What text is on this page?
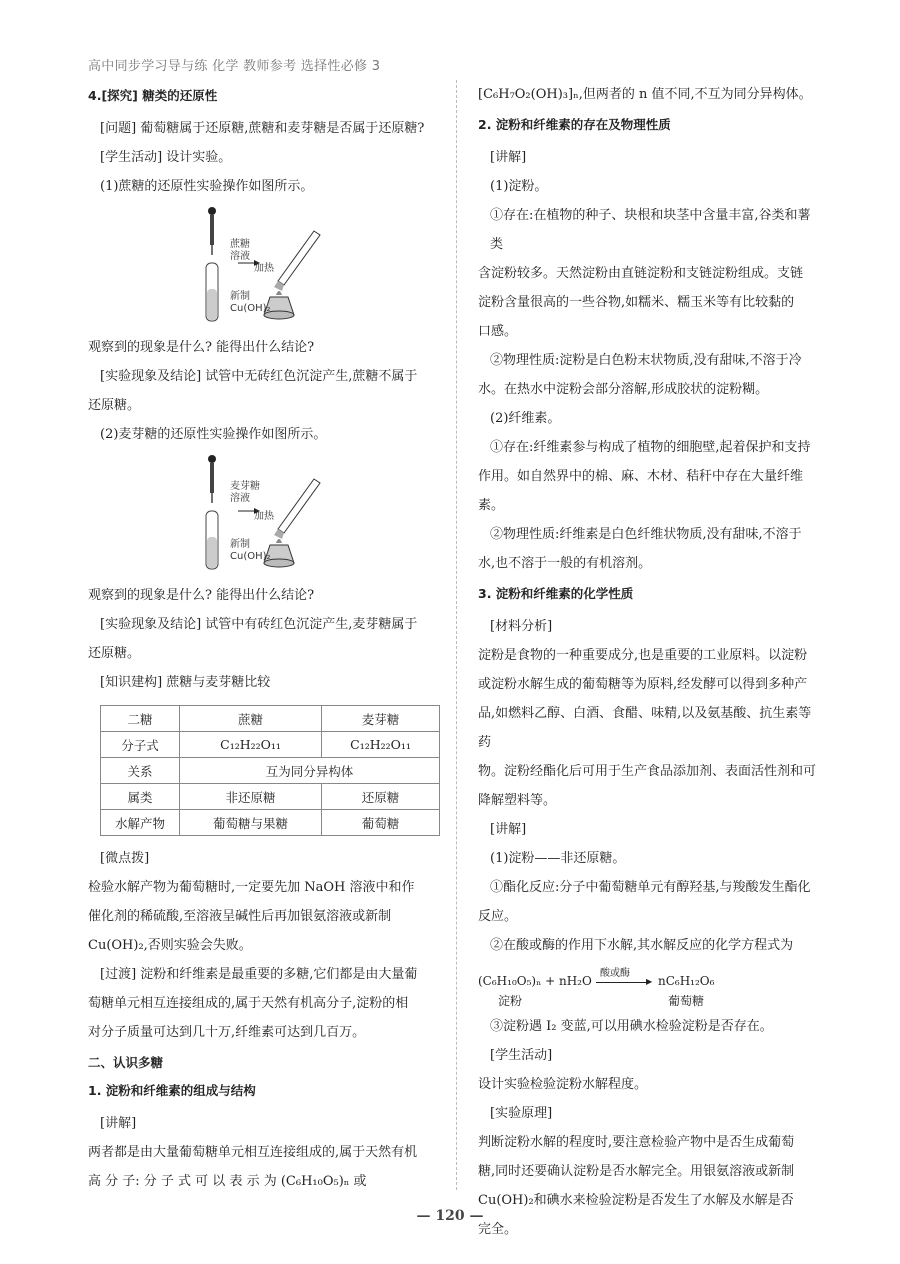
高中同步学习导与练 化学 教师参考 选择性必修 3
4.[探究] 糖类的还原性

[问题] 葡萄糖属于还原糖,蔗糖和麦芽糖是否属于还原糖?

[学生活动] 设计实验。

(1)蔗糖的还原性实验操作如图所示。

蔗糖
溶液
加热
新制
Cu(OH)₂

观察到的现象是什么? 能得出什么结论?

[实验现象及结论] 试管中无砖红色沉淀产生,蔗糖不属于

还原糖。

(2)麦芽糖的还原性实验操作如图所示。

麦芽糖
溶液
加热
新制
Cu(OH)₂

观察到的现象是什么? 能得出什么结论?

[实验现象及结论] 试管中有砖红色沉淀产生,麦芽糖属于

还原糖。

[知识建构] 蔗糖与麦芽糖比较

二糖	蔗糖	麦芽糖
分子式	C₁₂H₂₂O₁₁	C₁₂H₂₂O₁₁
关系	互为同分异构体	
属类	非还原糖	还原糖
水解产物	葡萄糖与果糖	葡萄糖

[微点拨]

检验水解产物为葡萄糖时,一定要先加 NaOH 溶液中和作

催化剂的稀硫酸,至溶液呈碱性后再加银氨溶液或新制

Cu(OH)₂,否则实验会失败。

[过渡] 淀粉和纤维素是最重要的多糖,它们都是由大量葡

萄糖单元相互连接组成的,属于天然有机高分子,淀粉的相

对分子质量可达到几十万,纤维素可达到几百万。

二、认识多糖
1. 淀粉和纤维素的组成与结构

[讲解]

两者都是由大量葡萄糖单元相互连接组成的,属于天然有机

高 分 子: 分 子 式 可 以 表 示 为 (C₆H₁₀O₅)ₙ 或

[C₆H₇O₂(OH)₃]ₙ,但两者的 n 值不同,不互为同分异构体。

2. 淀粉和纤维素的存在及物理性质

[讲解]

(1)淀粉。

①存在:在植物的种子、块根和块茎中含量丰富,谷类和薯类

含淀粉较多。天然淀粉由直链淀粉和支链淀粉组成。支链

淀粉含量很高的一些谷物,如糯米、糯玉米等有比较黏的

口感。

②物理性质:淀粉是白色粉末状物质,没有甜味,不溶于冷

水。在热水中淀粉会部分溶解,形成胶状的淀粉糊。

(2)纤维素。

①存在:纤维素参与构成了植物的细胞壁,起着保护和支持

作用。如自然界中的棉、麻、木材、秸秆中存在大量纤维素。

②物理性质:纤维素是白色纤维状物质,没有甜味,不溶于

水,也不溶于一般的有机溶剂。

3. 淀粉和纤维素的化学性质

[材料分析]

淀粉是食物的一种重要成分,也是重要的工业原料。以淀粉

或淀粉水解生成的葡萄糖等为原料,经发酵可以得到多种产

品,如燃料乙醇、白酒、食醋、味精,以及氨基酸、抗生素等药

物。淀粉经酯化后可用于生产食品添加剂、表面活性剂和可

降解塑料等。

[讲解]

(1)淀粉——非还原糖。

①酯化反应:分子中葡萄糖单元有醇羟基,与羧酸发生酯化

反应。

②在酸或酶的作用下水解,其水解反应的化学方程式为

(C₆H₁₀O₅)ₙ + nH₂O
酸或酶
▶ nC₆H₁₂O₆
淀粉	葡萄糖

③淀粉遇 I₂ 变蓝,可以用碘水检验淀粉是否存在。

[学生活动]

设计实验检验淀粉水解程度。

[实验原理]

判断淀粉水解的程度时,要注意检验产物中是否生成葡萄

糖,同时还要确认淀粉是否水解完全。用银氨溶液或新制

Cu(OH)₂和碘水来检验淀粉是否发生了水解及水解是否

完全。

— 120 —
